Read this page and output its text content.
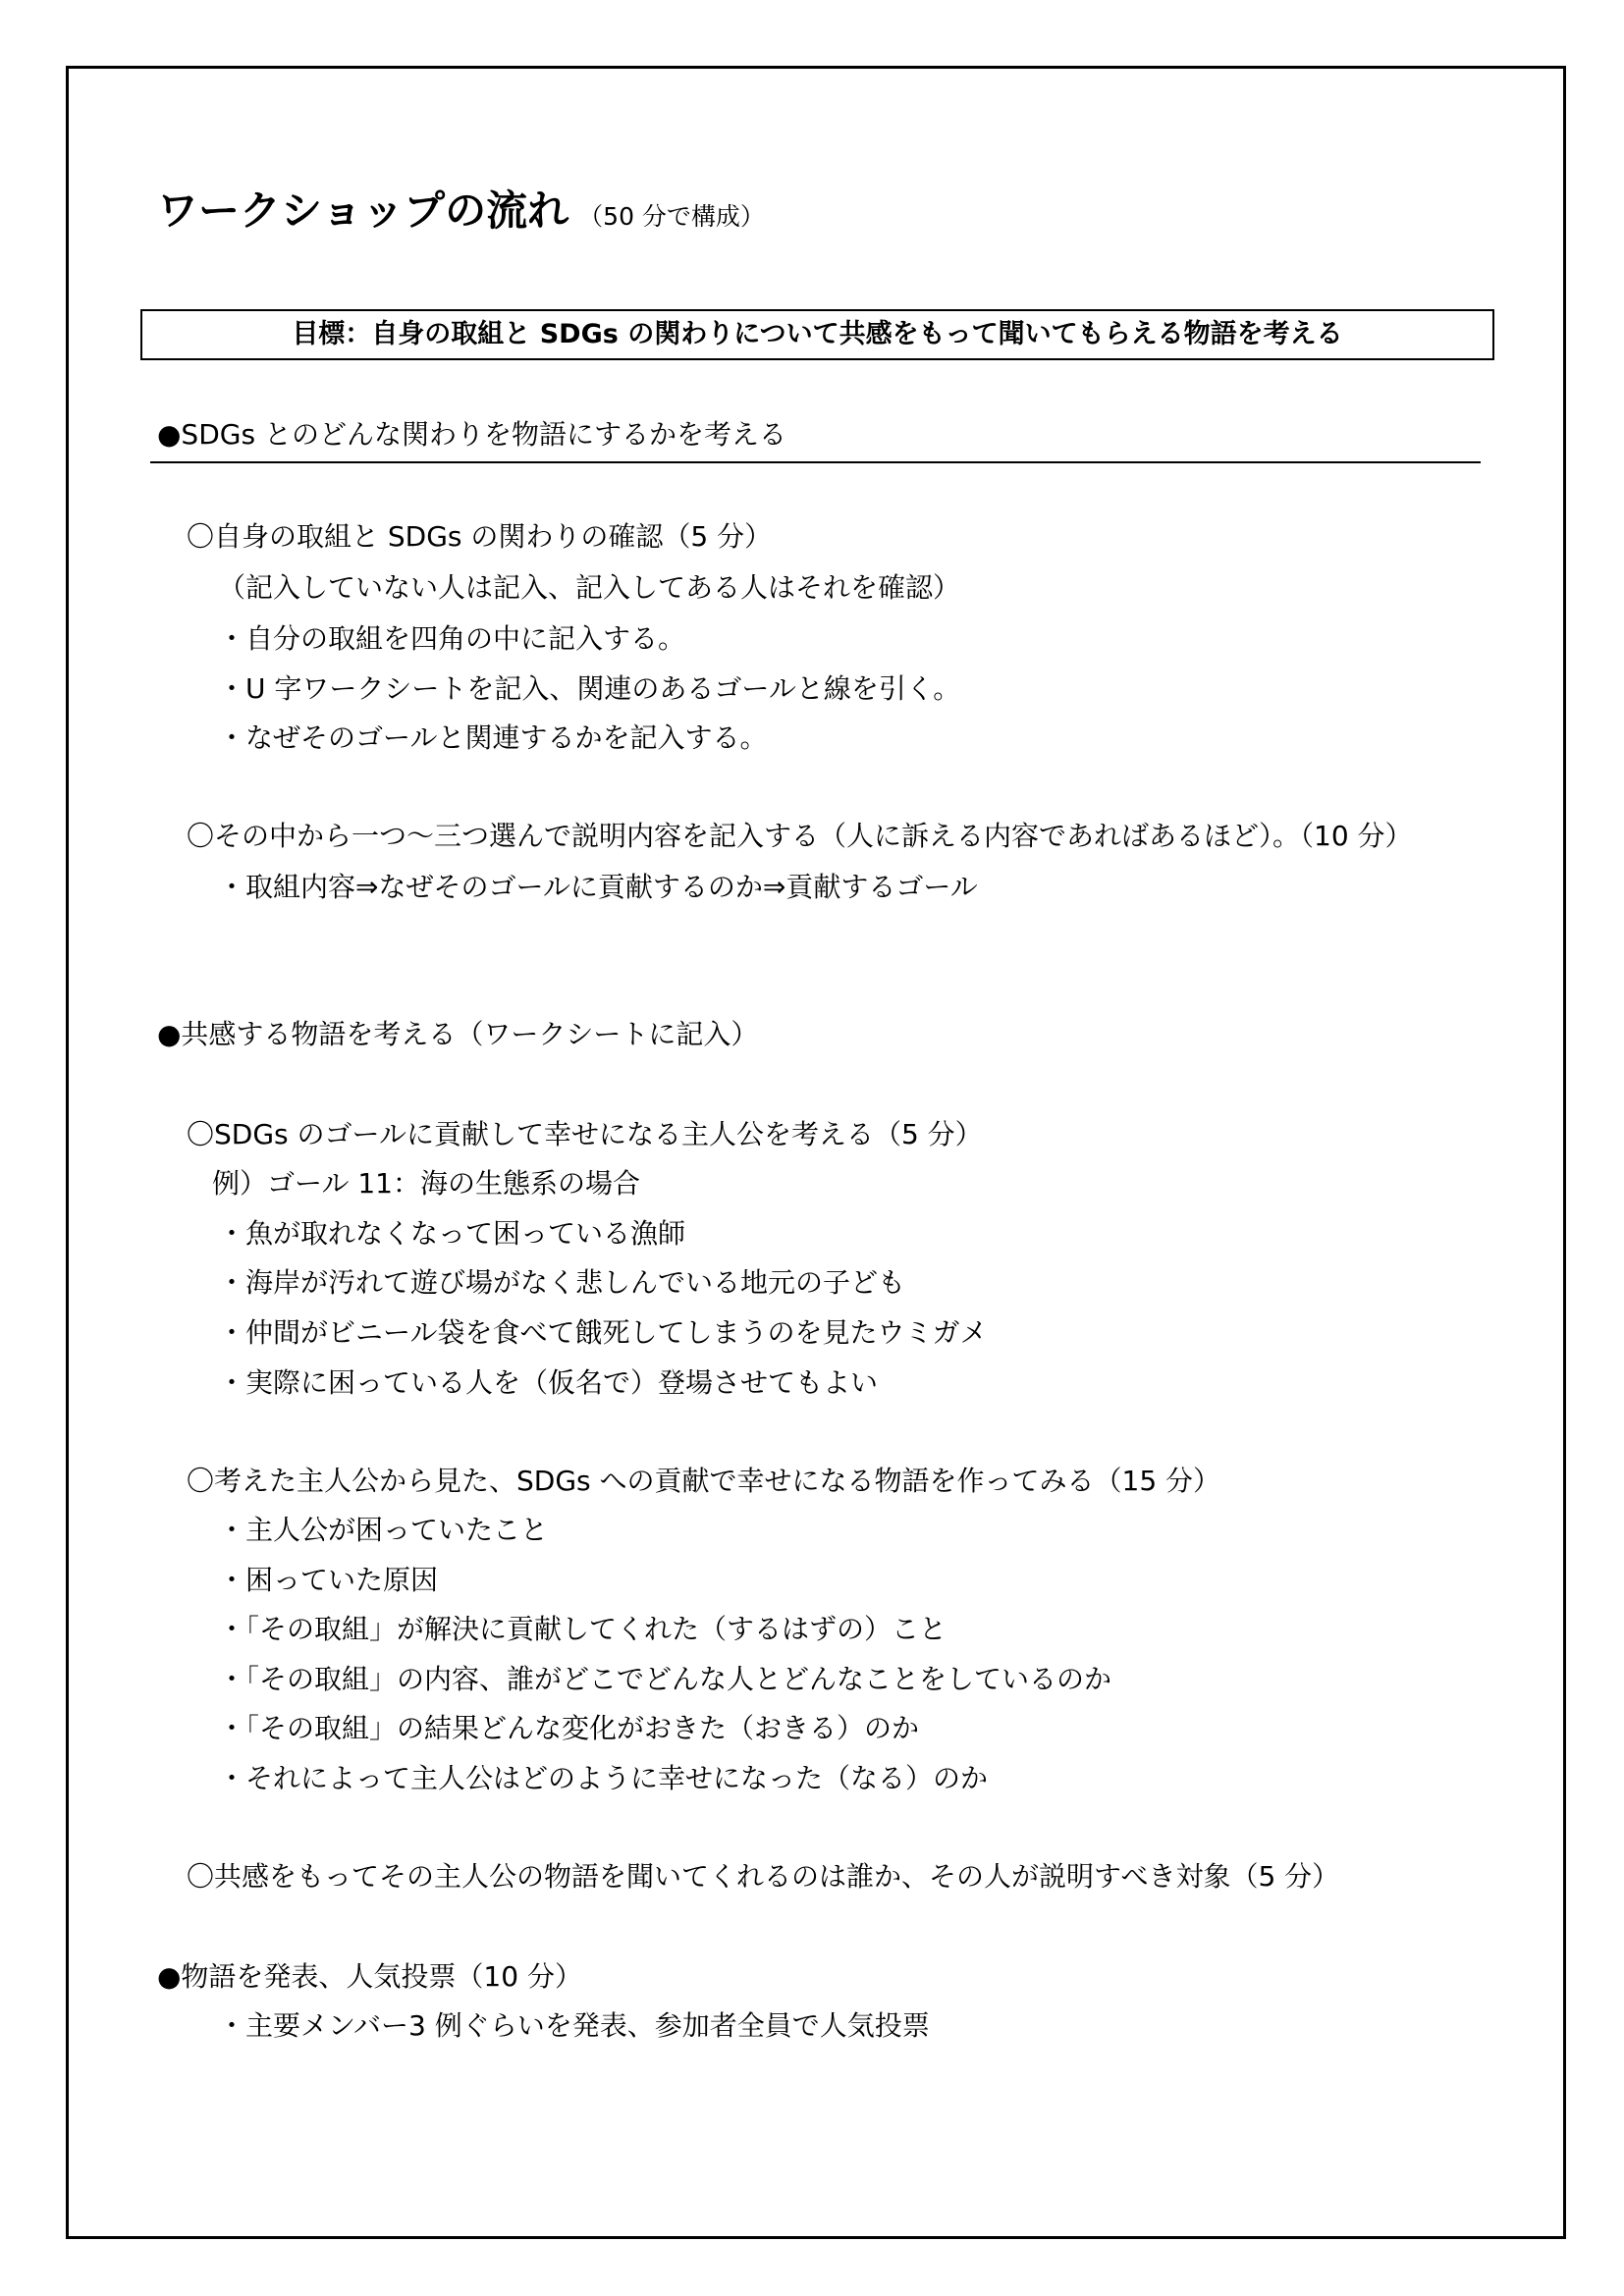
ワークショップの流れ （50 分で構成）
目標：自身の取組と SDGs の関わりについて共感をもって聞いてもらえる物語を考える
●SDGs とのどんな関わりを物語にするかを考える
〇自身の取組と SDGs の関わりの確認（5 分）
（記入していない人は記入、記入してある人はそれを確認）
・自分の取組を四角の中に記入する。
・U 字ワークシートを記入、関連のあるゴールと線を引く。
・なぜそのゴールと関連するかを記入する。
〇その中から一つ～三つ選んで説明内容を記入する（人に訴える内容であればあるほど）。（10 分）
・取組内容⇒なぜそのゴールに貢献するのか⇒貢献するゴール
●共感する物語を考える（ワークシートに記入）
〇SDGs のゴールに貢献して幸せになる主人公を考える（5 分）
例）ゴール 11：海の生態系の場合
・魚が取れなくなって困っている漁師
・海岸が汚れて遊び場がなく悲しんでいる地元の子ども
・仲間がビニール袋を食べて餓死してしまうのを見たウミガメ
・実際に困っている人を（仮名で）登場させてもよい
〇考えた主人公から見た、SDGs への貢献で幸せになる物語を作ってみる（15 分）
・主人公が困っていたこと
・困っていた原因
・「その取組」が解決に貢献してくれた（するはずの）こと
・「その取組」の内容、誰がどこでどんな人とどんなことをしているのか
・「その取組」の結果どんな変化がおきた（おきる）のか
・それによって主人公はどのように幸せになった（なる）のか
〇共感をもってその主人公の物語を聞いてくれるのは誰か、その人が説明すべき対象（5 分）
●物語を発表、人気投票（10 分）
・主要メンバー3 例ぐらいを発表、参加者全員で人気投票
